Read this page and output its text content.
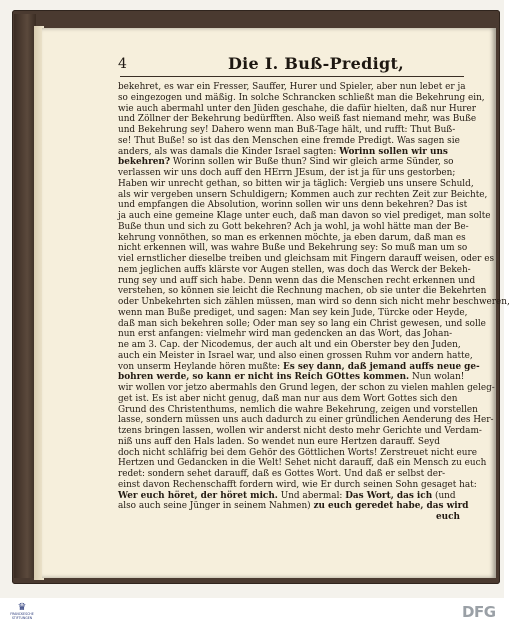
4	Die I. Buß-Predigt,
bekehret, es war ein Fresser, Sauffer, Hurer und Spieler, aber nun lebet er ja
so eingezogen und mäßig. In solche Schrancken schließt man die Bekehrung ein,
wie auch abermahl unter den Jüden geschahe, die dafür hielten, daß nur Hurer
und Zöllner der Bekehrung bedürfften. Also weiß fast niemand mehr, was Buße
und Bekehrung sey! Dahero wenn man Buß-Tage hält, und rufft: Thut Buß-
se! Thut Buße! so ist das den Menschen eine fremde Predigt. Was sagen sie
anders, als was damals die Kinder Israel sagten: Worinn sollen wir uns
bekehren? Worinn sollen wir Buße thun? Sind wir gleich arme Sünder, so
verlassen wir uns doch auff den HErrn JEsum, der ist ja für uns gestorben;
Haben wir unrecht gethan, so bitten wir ja täglich: Vergieb uns unsere Schuld,
als wir vergeben unsern Schuldigern; Kommen auch zur rechten Zeit zur Beichte,
und empfangen die Absolution, worinn sollen wir uns denn bekehren? Das ist
ja auch eine gemeine Klage unter euch, daß man davon so viel prediget, man solte
Buße thun und sich zu Gott bekehren? Ach ja wohl, ja wohl hätte man der Be-
kehrung vonnöthen, so man es erkennen möchte, ja eben darum, daß man es
nicht erkennen will, was wahre Buße und Bekehrung sey: So muß man um so
viel ernstlicher dieselbe treiben und gleichsam mit Fingern darauff weisen, oder es
nem jeglichen auffs klärste vor Augen stellen, was doch das Werck der Bekeh-
rung sey und auff sich habe. Denn wenn das die Menschen recht erkennen und
verstehen, so können sie leicht die Rechnung machen, ob sie unter die Bekehrten
oder Unbekehrten sich zählen müssen, man wird so denn sich nicht mehr beschweren,
wenn man Buße prediget, und sagen: Man sey kein Jude, Türcke oder Heyde,
daß man sich bekehren solle; Oder man sey so lang ein Christ gewesen, und solle
nun erst anfangen: vielmehr wird man gedencken an das Wort, das Johan-
ne am 3. Cap. der Nicodemus, der auch alt und ein Oberster bey den Juden,
auch ein Meister in Israel war, und also einen grossen Ruhm vor andern hatte,
von unserm Heylande hören mußte: Es sey dann, daß jemand auffs neue ge-
bohren werde, so kann er nicht ins Reich GOttes kommen. Nun wolan!
wir wollen vor jetzo abermahls den Grund legen, der schon zu vielen mahlen geleg-
get ist. Es ist aber nicht genug, daß man nur aus dem Wort Gottes sich den
Grund des Christenthums, nemlich die wahre Bekehrung, zeigen und vorstellen
lasse, sondern müssen uns auch dadurch zu einer gründlichen Aenderung des Her-
tzens bringen lassen, wollen wir anderst nicht desto mehr Gerichte und Verdam-
niß uns auff den Hals laden. So wendet nun eure Hertzen darauff. Seyd
doch nicht schläfrig bei dem Gehör des Göttlichen Worts! Zerstreuet nicht eure
Hertzen und Gedancken in die Welt! Sehet nicht darauff, daß ein Mensch zu euch
redet: sondern sehet darauff, daß es Gottes Wort. Und daß er selbst der-
einst davon Rechenschafft fordern wird, wie Er durch seinen Sohn gesaget hat:
Wer euch höret, der höret mich. Und abermal: Das Wort, das ich (und
also auch seine Jünger in seinem Nahmen) zu euch geredet habe, das wird
euch
♛
FRANCKESCHE STIFTUNGEN	DFG
